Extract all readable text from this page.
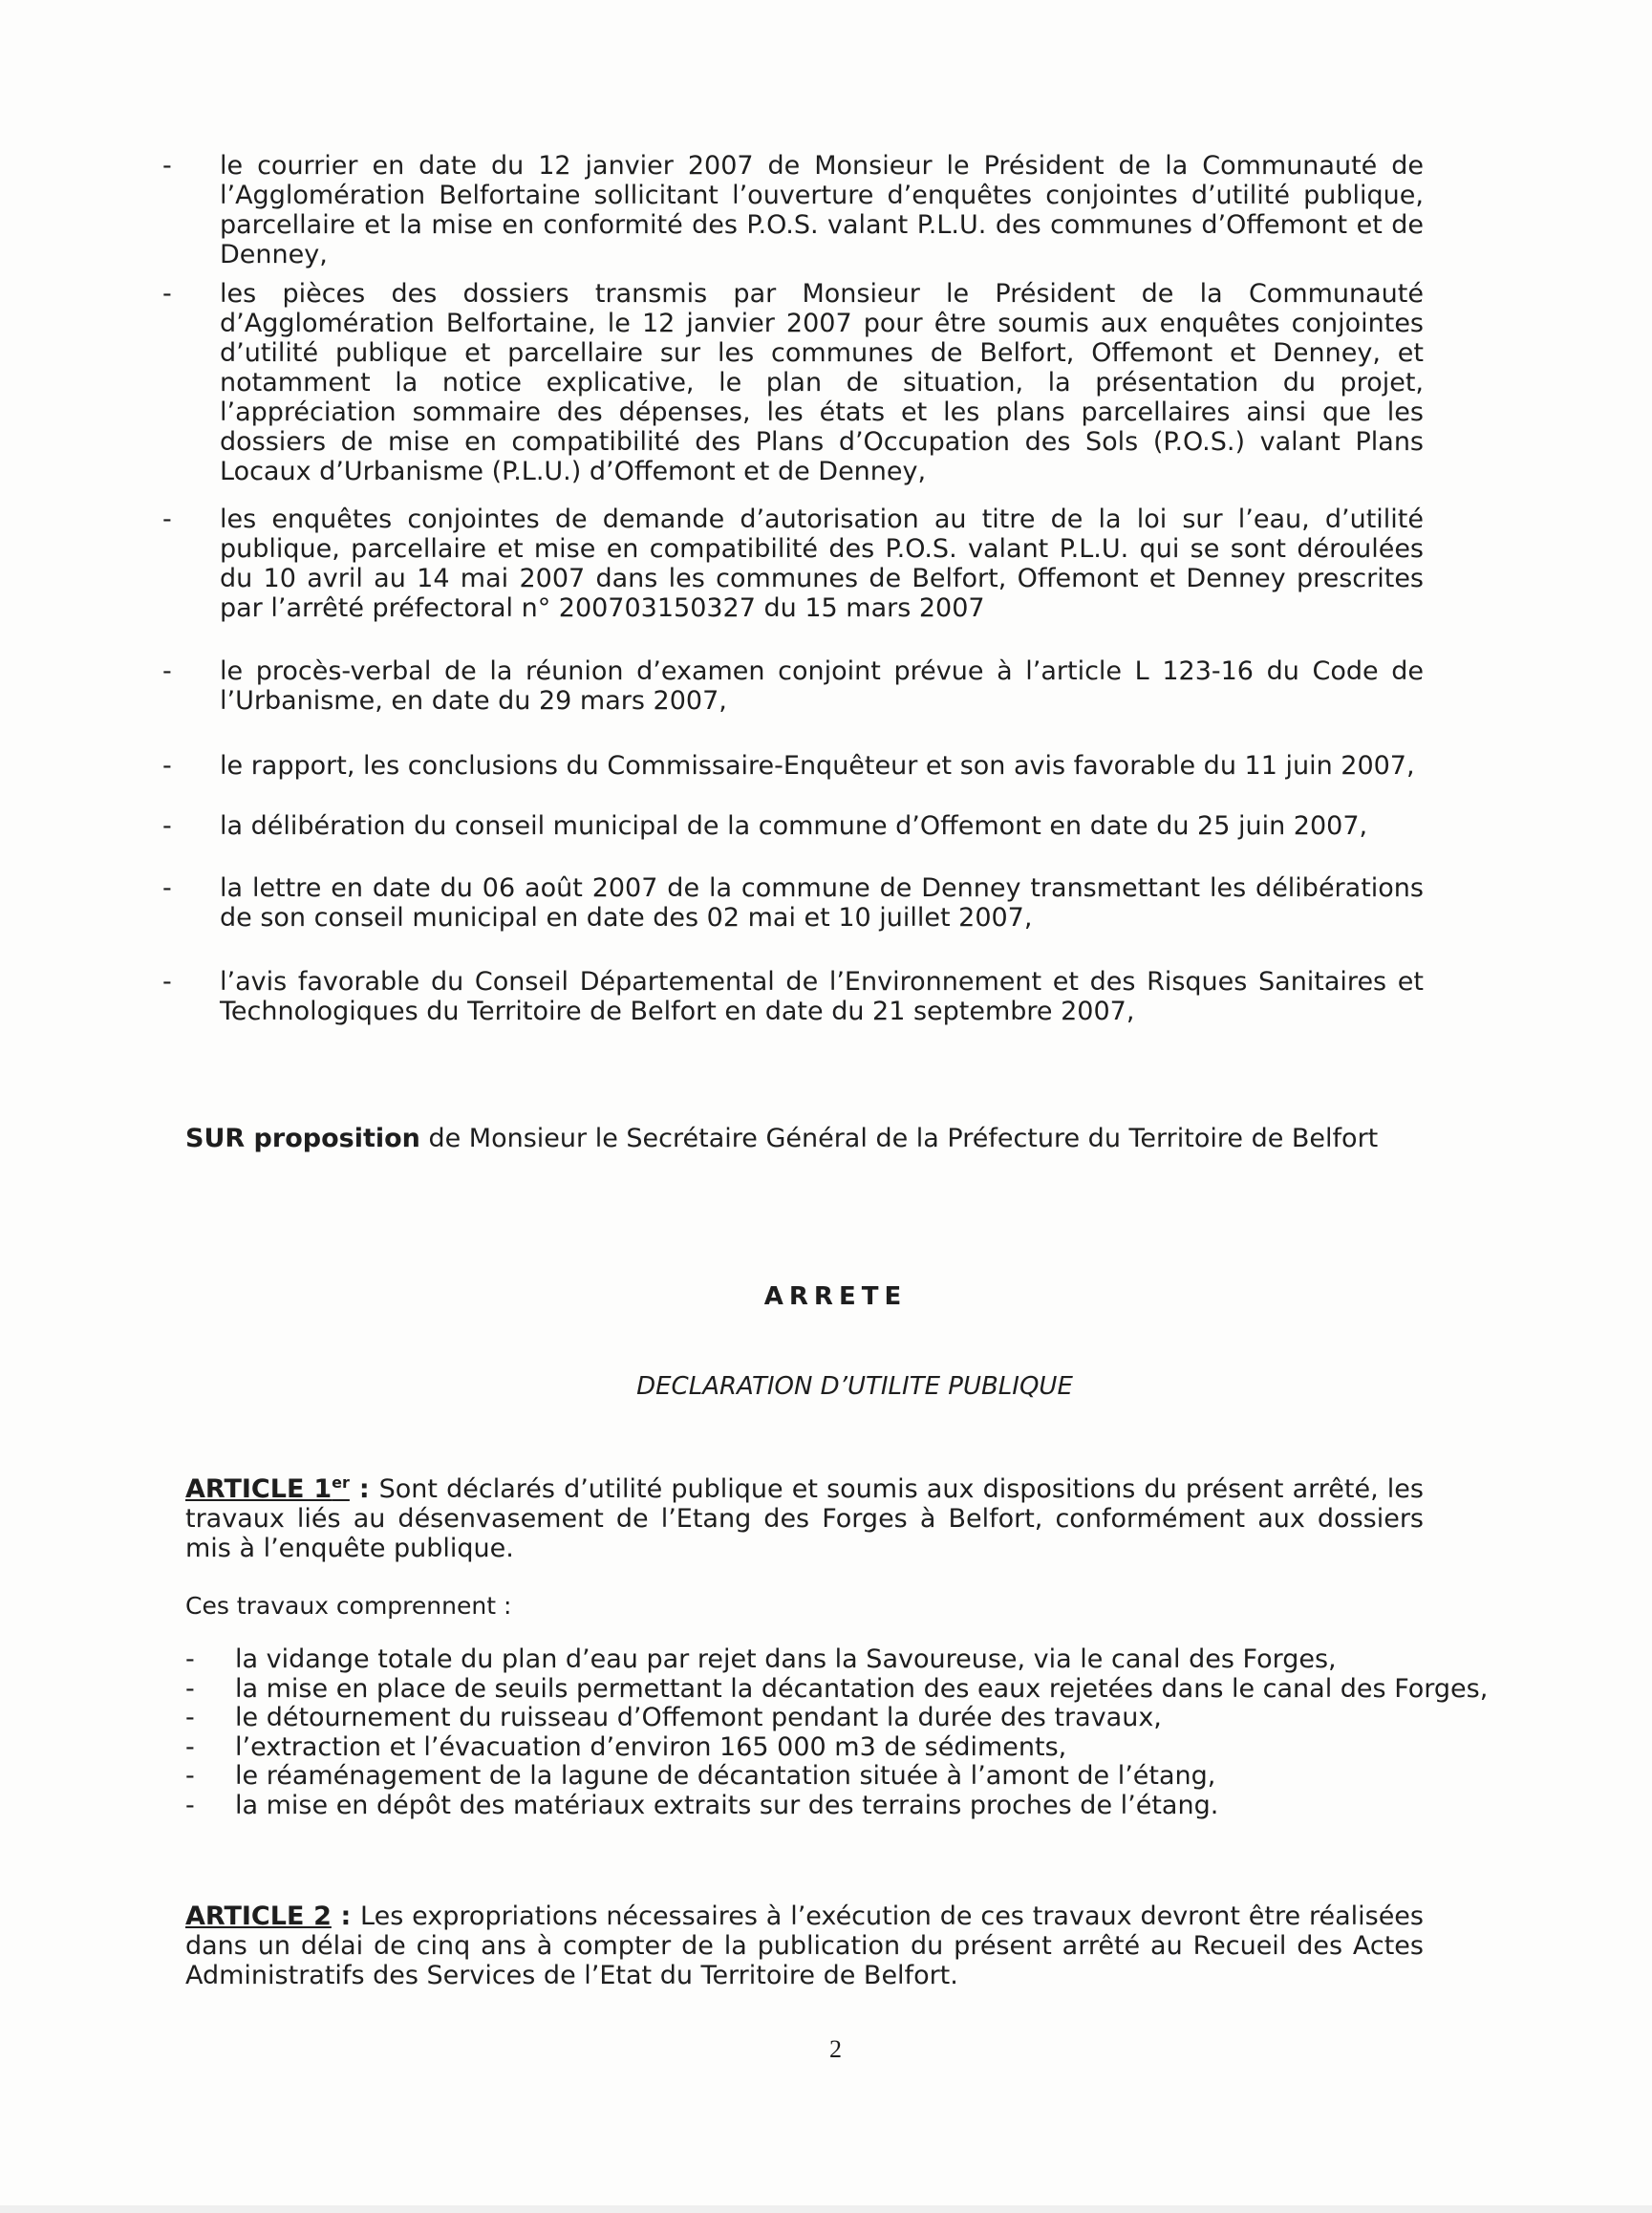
- le courrier en date du 12 janvier 2007 de Monsieur le Président de la Communauté de l’Agglomération Belfortaine sollicitant l’ouverture d’enquêtes conjointes d’utilité publique, parcellaire et la mise en conformité des P.O.S. valant P.L.U. des communes d’Offemont et de Denney,
- les pièces des dossiers transmis par Monsieur le Président de la Communauté d’Agglomération Belfortaine, le 12 janvier 2007 pour être soumis aux enquêtes conjointes d’utilité publique et parcellaire sur les communes de Belfort, Offemont et Denney, et notamment la notice explicative, le plan de situation, la présentation du projet, l’appréciation sommaire des dépenses, les états et les plans parcellaires ainsi que les dossiers de mise en compatibilité des Plans d’Occupation des Sols (P.O.S.) valant Plans Locaux d’Urbanisme (P.L.U.) d’Offemont et de Denney,
- les enquêtes conjointes de demande d’autorisation au titre de la loi sur l’eau, d’utilité publique, parcellaire et mise en compatibilité des P.O.S. valant P.L.U. qui se sont déroulées du 10 avril au 14 mai 2007 dans les communes de Belfort, Offemont et Denney prescrites par l’arrêté préfectoral n° 200703150327 du 15 mars 2007
- le procès-verbal de la réunion d’examen conjoint prévue à l’article L 123-16 du Code de l’Urbanisme, en date du 29 mars 2007,
- le rapport, les conclusions du Commissaire-Enquêteur et son avis favorable du 11 juin 2007,
- la délibération du conseil municipal de la commune d’Offemont en date du 25 juin 2007,
- la lettre en date du 06 août 2007 de la commune de Denney transmettant les délibérations de son conseil municipal en date des 02 mai et 10 juillet 2007,
- l’avis favorable du Conseil Départemental de l’Environnement et des Risques Sanitaires et Technologiques du Territoire de Belfort en date du 21 septembre 2007,
SUR proposition de Monsieur le Secrétaire Général de la Préfecture du Territoire de Belfort
ARRETE
DECLARATION D’UTILITE PUBLIQUE
ARTICLE 1er : Sont déclarés d’utilité publique et soumis aux dispositions du présent arrêté, les travaux liés au désenvasement de l’Etang des Forges à Belfort, conformément aux dossiers mis à l’enquête publique.
Ces travaux comprennent :
- la vidange totale du plan d’eau par rejet dans la Savoureuse, via le canal des Forges,
- la mise en place de seuils permettant la décantation des eaux rejetées dans le canal des Forges,
- le détournement du ruisseau d’Offemont pendant la durée des travaux,
- l’extraction et l’évacuation d’environ 165 000 m3 de sédiments,
- le réaménagement de la lagune de décantation située à l’amont de l’étang,
- la mise en dépôt des matériaux extraits sur des terrains proches de l’étang.
ARTICLE 2 : Les expropriations nécessaires à l’exécution de ces travaux devront être réalisées dans un délai de cinq ans à compter de la publication du présent arrêté au Recueil des Actes Administratifs des Services de l’Etat du Territoire de Belfort.
2
